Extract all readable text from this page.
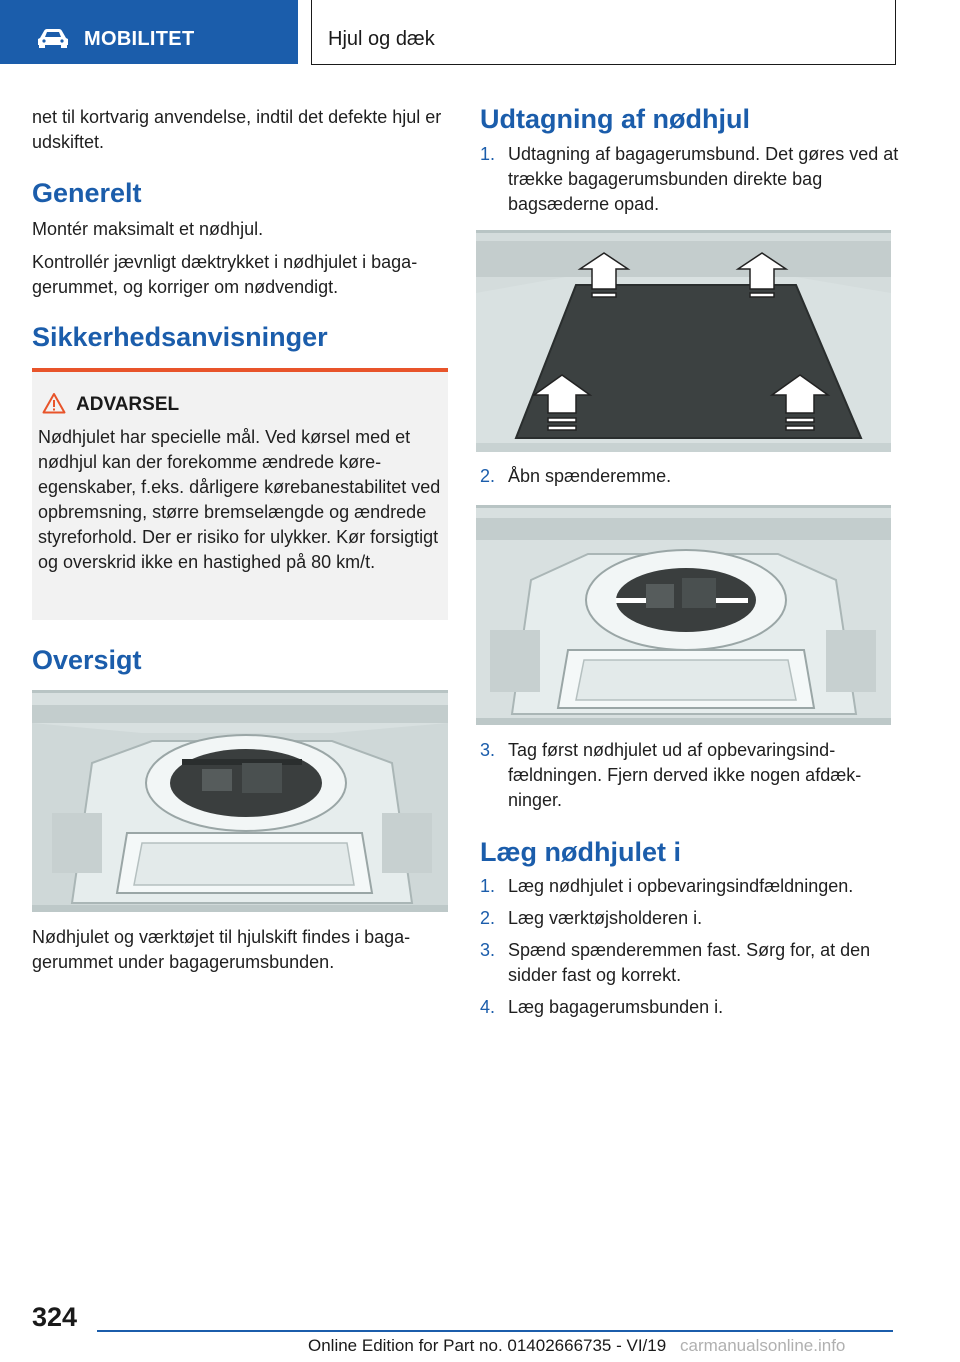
MOBILITET	Hjul og dæk

net til kortvarig anvendelse, indtil det defekte hjul er udskiftet.

Generelt

Montér maksimalt et nødhjul.

Kontrollér jævnligt dæktrykket i nødhjulet i bagagerummet, og korriger om nødvendigt.

Sikkerhedsanvisninger
ADVARSEL

Nødhjulet har specielle mål. Ved kørsel med et nødhjul kan der forekomme ændrede køreegenskaber, f.eks. dårligere kørebanestabilitet ved opbremsning, større bremselængde og ændrede styreforhold. Der er risiko for ulykker. Kør forsigtigt og overskrid ikke en hastighed på 80 km/t.

Oversigt

Nødhjulet og værktøjet til hjulskift findes i bagagerummet under bagagerumsbunden.

Udtagning af nødhjul
1. Udtagning af bagagerumsbund. Det gøres ved at trække bagagerumsbunden direkte bag bagsæderne opad.
2. Åbn spænderemme.
3. Tag først nødhjulet ud af opbevaringsindfældningen. Fjern derved ikke nogen afdækninger.
Læg nødhjulet i
1. Læg nødhjulet i opbevaringsindfældningen.
2. Læg værktøjsholderen i.
3. Spænd spænderemmen fast. Sørg for, at den sidder fast og korrekt.
4. Læg bagagerumsbunden i.
324
Online Edition for Part no. 01402666735 - VI/19 carmanualsonline.info
